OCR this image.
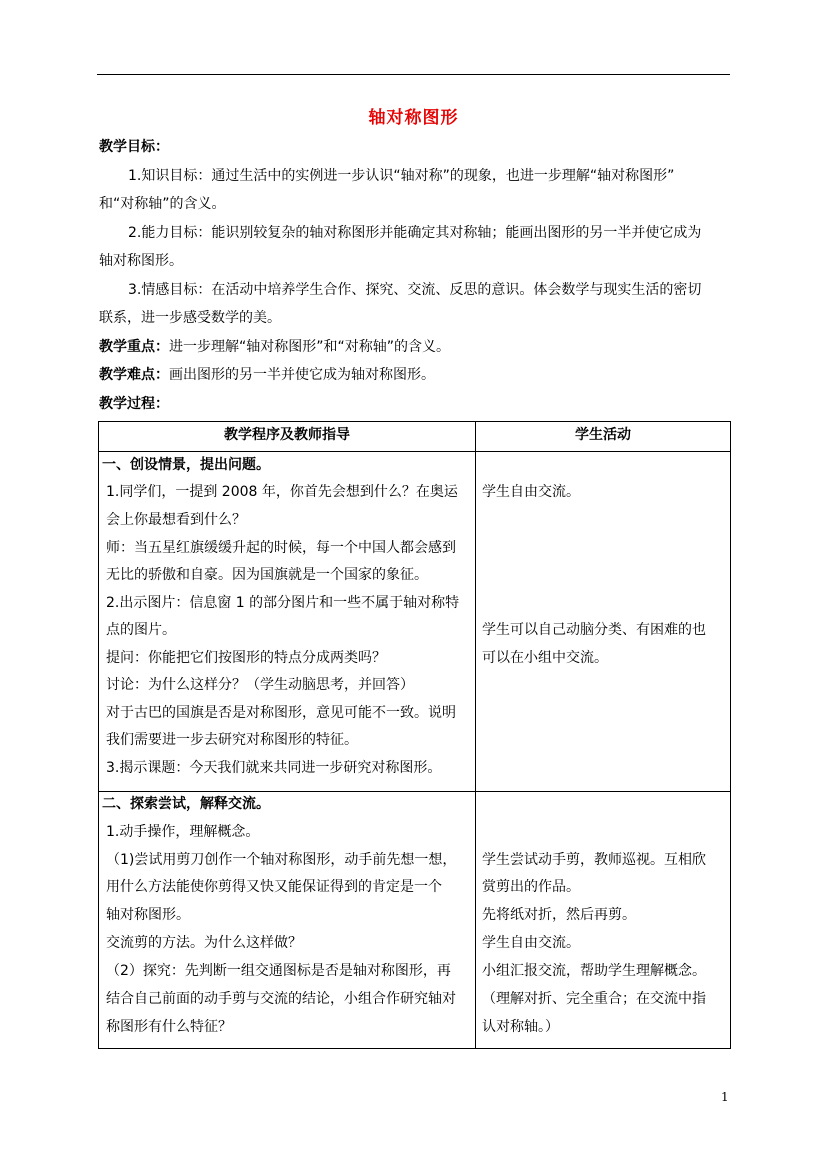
轴对称图形
教学目标：
1.知识目标：通过生活中的实例进一步认识“轴对称”的现象，也进一步理解“轴对称图形”
和“对称轴”的含义。
2.能力目标：能识别较复杂的轴对称图形并能确定其对称轴；能画出图形的另一半并使它成为
轴对称图形。
3.情感目标：在活动中培养学生合作、探究、交流、反思的意识。体会数学与现实生活的密切
联系，进一步感受数学的美。
教学重点：进一步理解“轴对称图形”和“对称轴”的含义。
教学难点：画出图形的另一半并使它成为轴对称图形。
教学过程：
教学程序及教师指导	学生活动
一、创设情景，提出问题。
1.同学们，一提到 2008 年，你首先会想到什么？在奥运
会上你最想看到什么？
师：当五星红旗缓缓升起的时候，每一个中国人都会感到
无比的骄傲和自豪。因为国旗就是一个国家的象征。
2.出示图片：信息窗 1 的部分图片和一些不属于轴对称特
点的图片。
提问：你能把它们按图形的特点分成两类吗？
讨论：为什么这样分？（学生动脑思考，并回答）
对于古巴的国旗是否是对称图形，意见可能不一致。说明
我们需要进一步去研究对称图形的特征。
3.揭示课题：今天我们就来共同进一步研究对称图形。
学生自由交流。
学生可以自己动脑分类、有困难的也
可以在小组中交流。
二、探索尝试，解释交流。
1.动手操作，理解概念。
（1)尝试用剪刀创作一个轴对称图形，动手前先想一想，
用什么方法能使你剪得又快又能保证得到的肯定是一个
轴对称图形。
交流剪的方法。为什么这样做？
（2）探究：先判断一组交通图标是否是轴对称图形，再
结合自己前面的动手剪与交流的结论，小组合作研究轴对
称图形有什么特征？
学生尝试动手剪，教师巡视。互相欣
赏剪出的作品。
先将纸对折，然后再剪。
学生自由交流。
小组汇报交流，帮助学生理解概念。
（理解对折、完全重合；在交流中指
认对称轴。）
1
